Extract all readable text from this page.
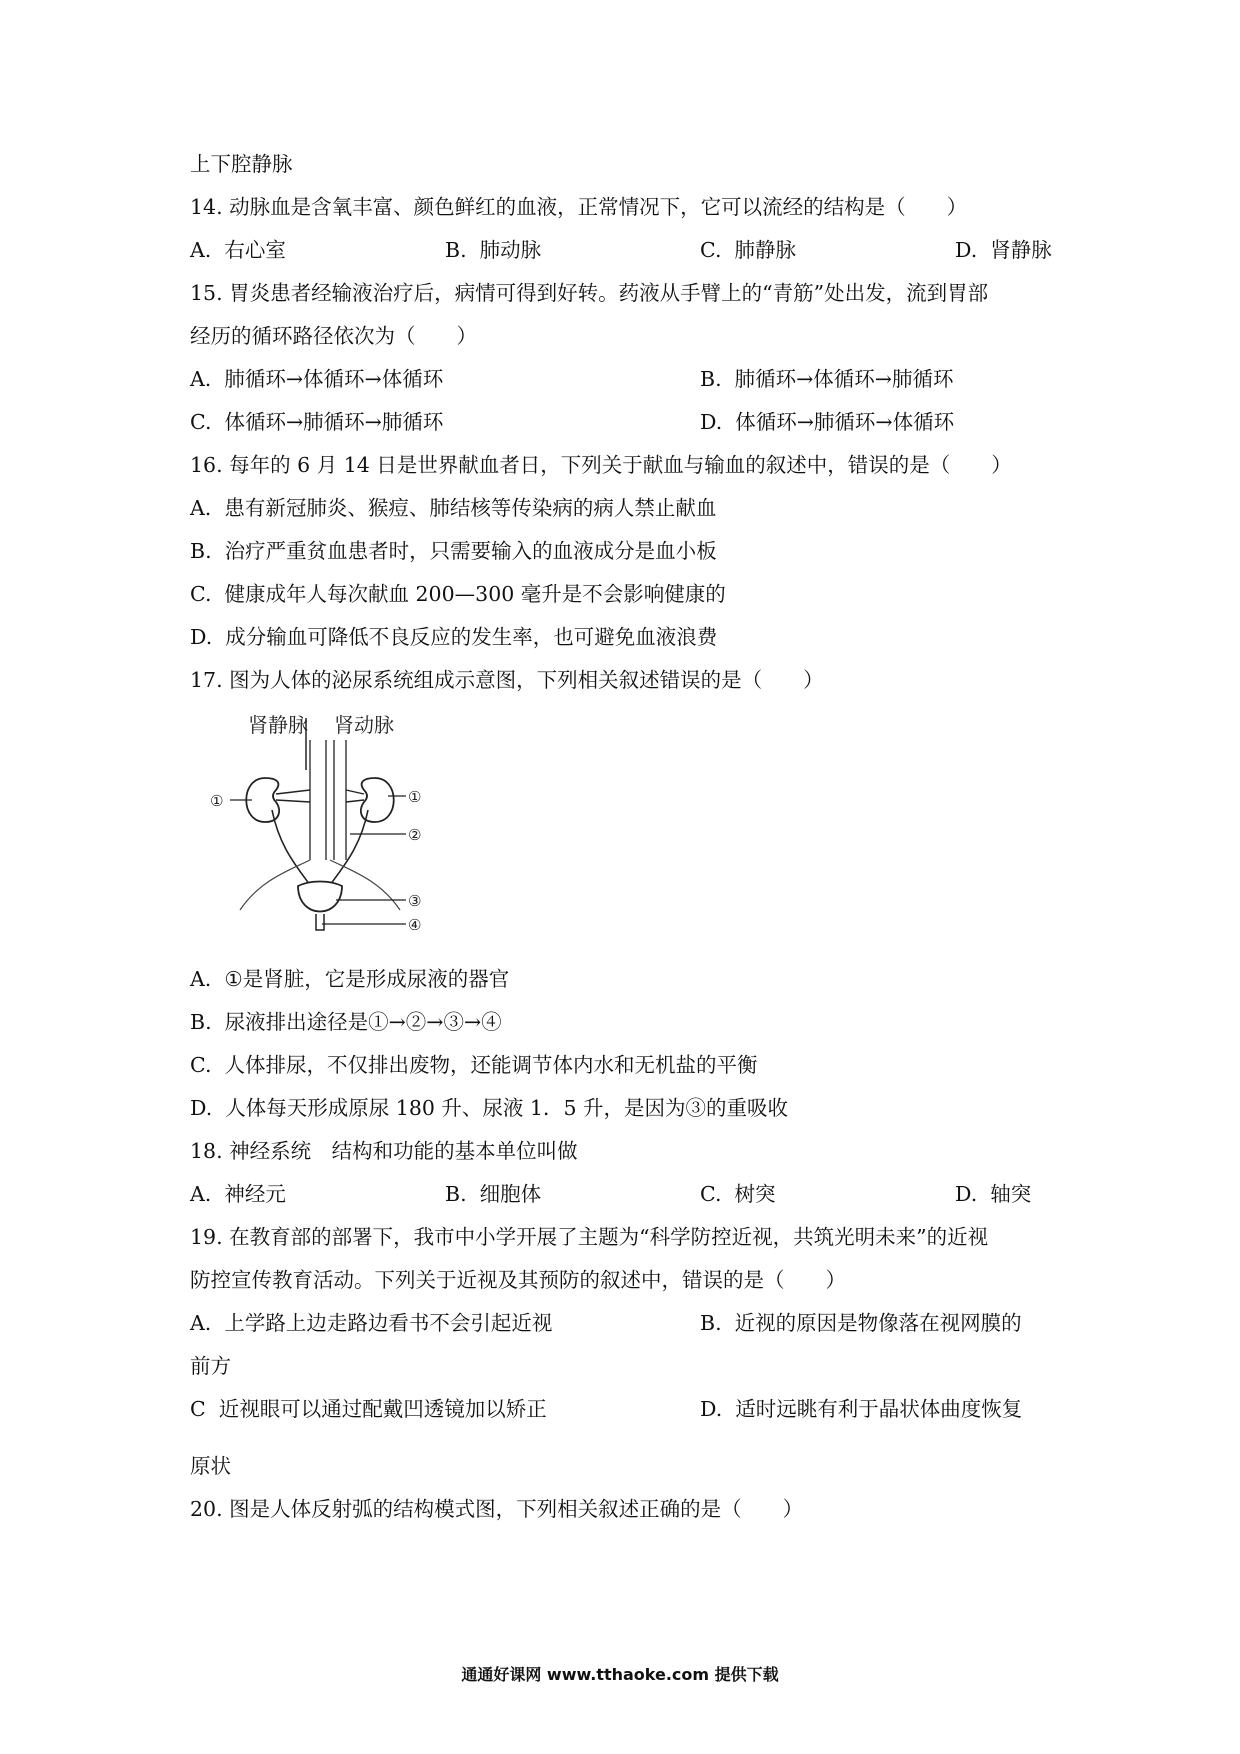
上下腔静脉
14. 动脉血是含氧丰富、颜色鲜红的血液，正常情况下，它可以流经的结构是（　　）
A.  右心室	B.  肺动脉	C.  肺静脉	D.  肾静脉
15. 胃炎患者经输液治疗后，病情可得到好转。药液从手臂上的“青筋”处出发，流到胃部
经历的循环路径依次为（　　）
A.  肺循环→体循环→体循环	B.  肺循环→体循环→肺循环
C.  体循环→肺循环→肺循环	D.  体循环→肺循环→体循环
16. 每年的 6 月 14 日是世界献血者日，下列关于献血与输血的叙述中，错误的是（　　）
A.  患有新冠肺炎、猴痘、肺结核等传染病的病人禁止献血
B.  治疗严重贫血患者时，只需要输入的血液成分是血小板
C.  健康成年人每次献血 200—300 毫升是不会影响健康的
D.  成分输血可降低不良反应的发生率，也可避免血液浪费
17. 图为人体的泌尿系统组成示意图，下列相关叙述错误的是（　　）
肾静脉 肾动脉
①	①
②
③
④
A.  ①是肾脏，它是形成尿液的器官
B.  尿液排出途径是①→②→③→④
C.  人体排尿，不仅排出废物，还能调节体内水和无机盐的平衡
D.  人体每天形成原尿 180 升、尿液 1．5 升，是因为③的重吸收
18. 神经系统　结构和功能的基本单位叫做
A.  神经元	B.  细胞体	C.  树突	D.  轴突
19. 在教育部的部署下，我市中小学开展了主题为“科学防控近视，共筑光明未来”的近视
防控宣传教育活动。下列关于近视及其预防的叙述中，错误的是（　　）
A.  上学路上边走路边看书不会引起近视	B.  近视的原因是物像落在视网膜的
前方
C  近视眼可以通过配戴凹透镜加以矫正	D.  适时远眺有利于晶状体曲度恢复
原状
20. 图是人体反射弧的结构模式图，下列相关叙述正确的是（　　）
通通好课网 www.tthaoke.com 提供下载
